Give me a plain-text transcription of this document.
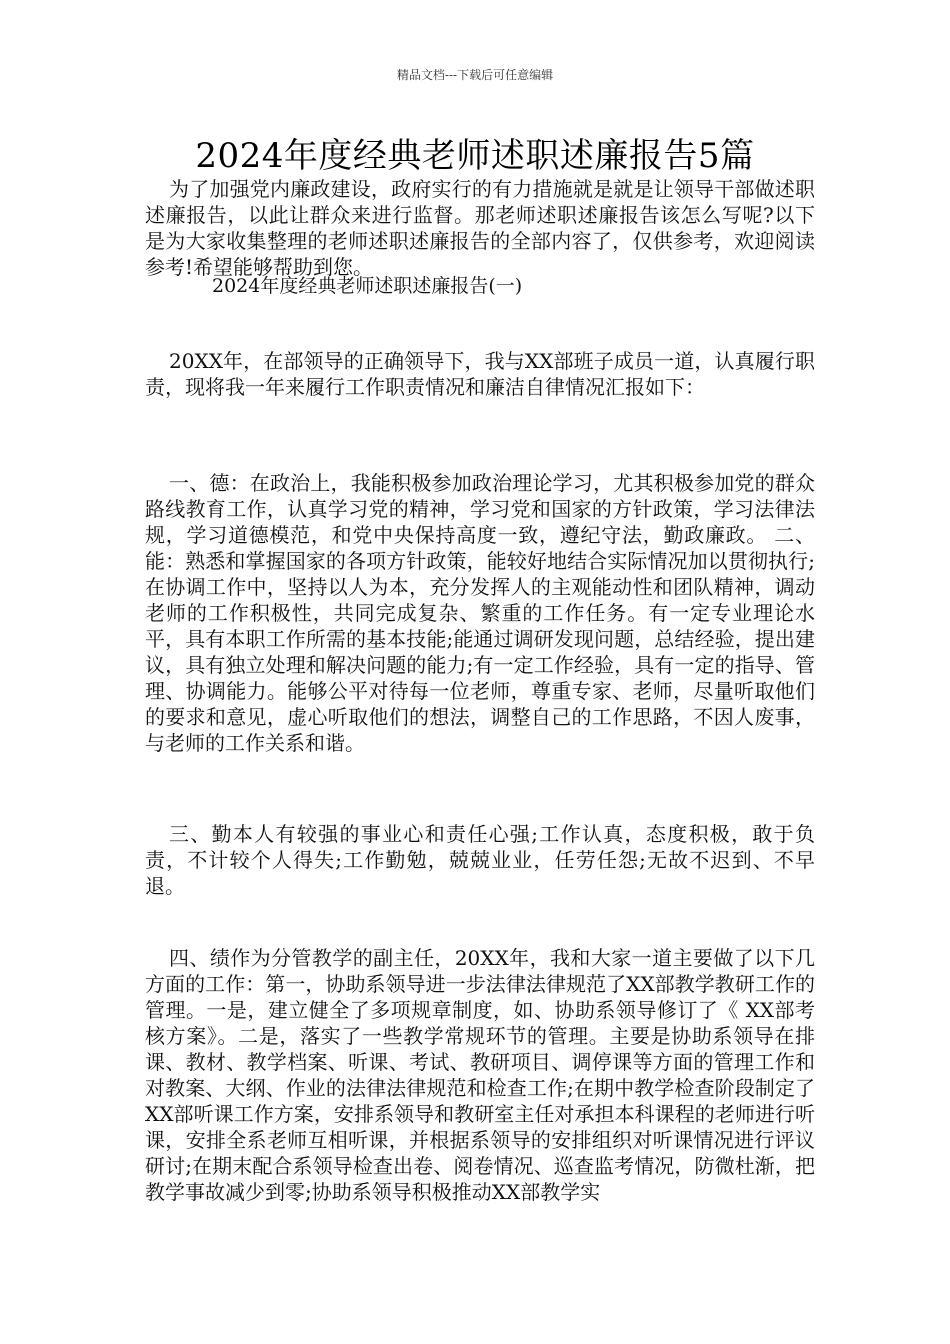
精品文档---下载后可任意编辑
2024年度经典老师述职述廉报告5篇
为了加强党内廉政建设，政府实行的有力措施就是就是让领导干部做述职述廉报告，以此让群众来进行监督。那老师述职述廉报告该怎么写呢?以下是为大家收集整理的老师述职述廉报告的全部内容了，仅供参考，欢迎阅读参考!希望能够帮助到您。
2024年度经典老师述职述廉报告(一)
20XX年，在部领导的正确领导下，我与XX部班子成员一道，认真履行职责，现将我一年来履行工作职责情况和廉洁自律情况汇报如下：
一、德：在政治上，我能积极参加政治理论学习，尤其积极参加党的群众路线教育工作，认真学习党的精神，学习党和国家的方针政策，学习法律法规，学习道德模范，和党中央保持高度一致，遵纪守法，勤政廉政。 二、能：熟悉和掌握国家的各项方针政策，能较好地结合实际情况加以贯彻执行;在协调工作中，坚持以人为本，充分发挥人的主观能动性和团队精神，调动老师的工作积极性，共同完成复杂、繁重的工作任务。有一定专业理论水平，具有本职工作所需的基本技能;能通过调研发现问题，总结经验，提出建议，具有独立处理和解决问题的能力;有一定工作经验，具有一定的指导、管理、协调能力。能够公平对待每一位老师，尊重专家、老师，尽量听取他们的要求和意见，虚心听取他们的想法，调整自己的工作思路，不因人废事，与老师的工作关系和谐。
三、勤本人有较强的事业心和责任心强;工作认真，态度积极，敢于负责，不计较个人得失;工作勤勉，兢兢业业，任劳任怨;无故不迟到、不早退。
四、绩作为分管教学的副主任，20XX年，我和大家一道主要做了以下几方面的工作：第一，协助系领导进一步法律法律规范了XX部教学教研工作的管理。一是，建立健全了多项规章制度，如、协助系领导修订了《 XX部考核方案》。二是，落实了一些教学常规环节的管理。主要是协助系领导在排课、教材、教学档案、听课、考试、教研项目、调停课等方面的管理工作和对教案、大纲、作业的法律法律规范和检查工作;在期中教学检查阶段制定了XX部听课工作方案，安排系领导和教研室主任对承担本科课程的老师进行听课，安排全系老师互相听课，并根据系领导的安排组织对听课情况进行评议研讨;在期末配合系领导检查出卷、阅卷情况、巡查监考情况，防微杜渐，把教学事故减少到零;协助系领导积极推动XX部教学实
